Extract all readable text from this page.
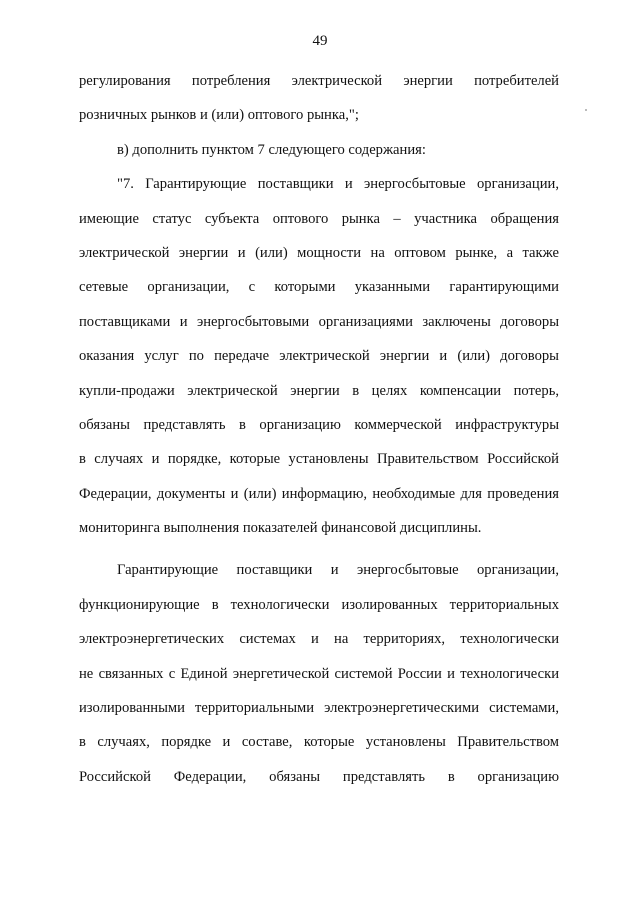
49
регулирования потребления электрической энергии потребителей
розничных рынков и (или) оптового рынка,";
в) дополнить пунктом 7 следующего содержания:
"7. Гарантирующие поставщики и энергосбытовые организации,
имеющие статус субъекта оптового рынка – участника обращения
электрической энергии и (или) мощности на оптовом рынке, а также
сетевые организации, с которыми указанными гарантирующими
поставщиками и энергосбытовыми организациями заключены договоры
оказания услуг по передаче электрической энергии и (или) договоры
купли-продажи электрической энергии в целях компенсации потерь,
обязаны представлять в организацию коммерческой инфраструктуры
в случаях и порядке, которые установлены Правительством Российской
Федерации, документы и (или) информацию, необходимые для проведения
мониторинга выполнения показателей финансовой дисциплины.
Гарантирующие поставщики и энергосбытовые организации,
функционирующие в технологически изолированных территориальных
электроэнергетических системах и на территориях, технологически
не связанных с Единой энергетической системой России и технологически
изолированными территориальными электроэнергетическими системами,
в случаях, порядке и составе, которые установлены Правительством
Российской Федерации, обязаны представлять в организацию
